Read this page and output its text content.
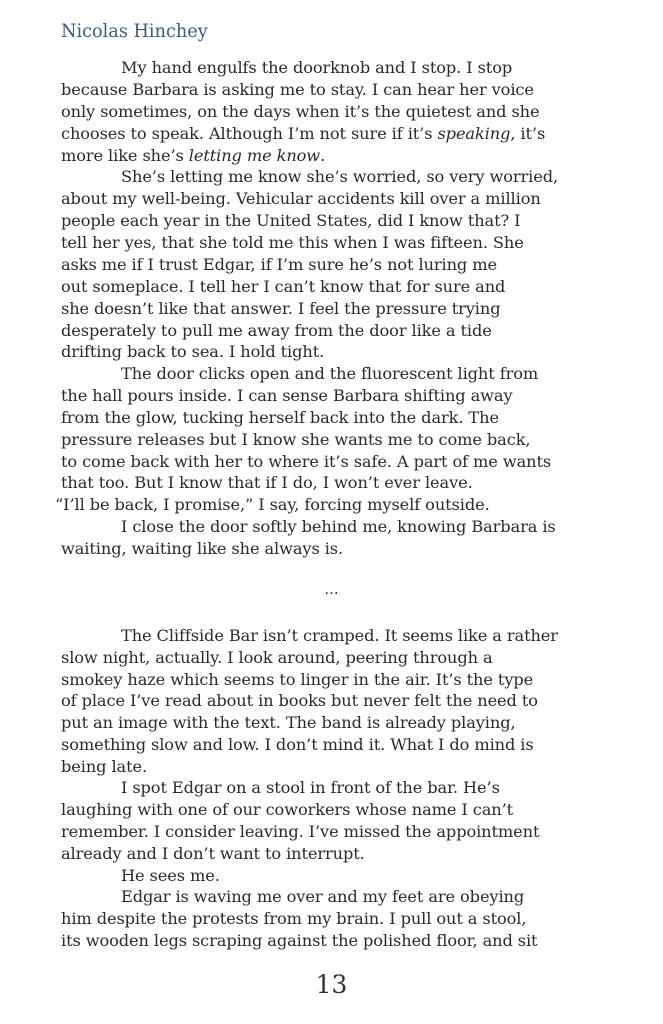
Nicolas Hinchey
My hand engulfs the doorknob and I stop. I stop
because Barbara is asking me to stay. I can hear her voice
only sometimes, on the days when it’s the quietest and she
chooses to speak. Although I’m not sure if it’s speaking, it’s
more like she’s letting me know.
She’s letting me know she’s worried, so very worried,
about my well-being. Vehicular accidents kill over a million
people each year in the United States, did I know that? I
tell her yes, that she told me this when I was fifteen. She
asks me if I trust Edgar, if I’m sure he’s not luring me
out someplace. I tell her I can’t know that for sure and
she doesn’t like that answer. I feel the pressure trying
desperately to pull me away from the door like a tide
drifting back to sea. I hold tight.
The door clicks open and the fluorescent light from
the hall pours inside. I can sense Barbara shifting away
from the glow, tucking herself back into the dark. The
pressure releases but I know she wants me to come back,
to come back with her to where it’s safe. A part of me wants
that too. But I know that if I do, I won’t ever leave.
“I’ll be back, I promise,” I say, forcing myself outside.
I close the door softly behind me, knowing Barbara is
waiting, waiting like she always is.
...
The Cliffside Bar isn’t cramped. It seems like a rather
slow night, actually. I look around, peering through a
smokey haze which seems to linger in the air. It’s the type
of place I’ve read about in books but never felt the need to
put an image with the text. The band is already playing,
something slow and low. I don’t mind it. What I do mind is
being late.
I spot Edgar on a stool in front of the bar. He’s
laughing with one of our coworkers whose name I can’t
remember. I consider leaving. I’ve missed the appointment
already and I don’t want to interrupt.
He sees me.
Edgar is waving me over and my feet are obeying
him despite the protests from my brain. I pull out a stool,
its wooden legs scraping against the polished floor, and sit
13
